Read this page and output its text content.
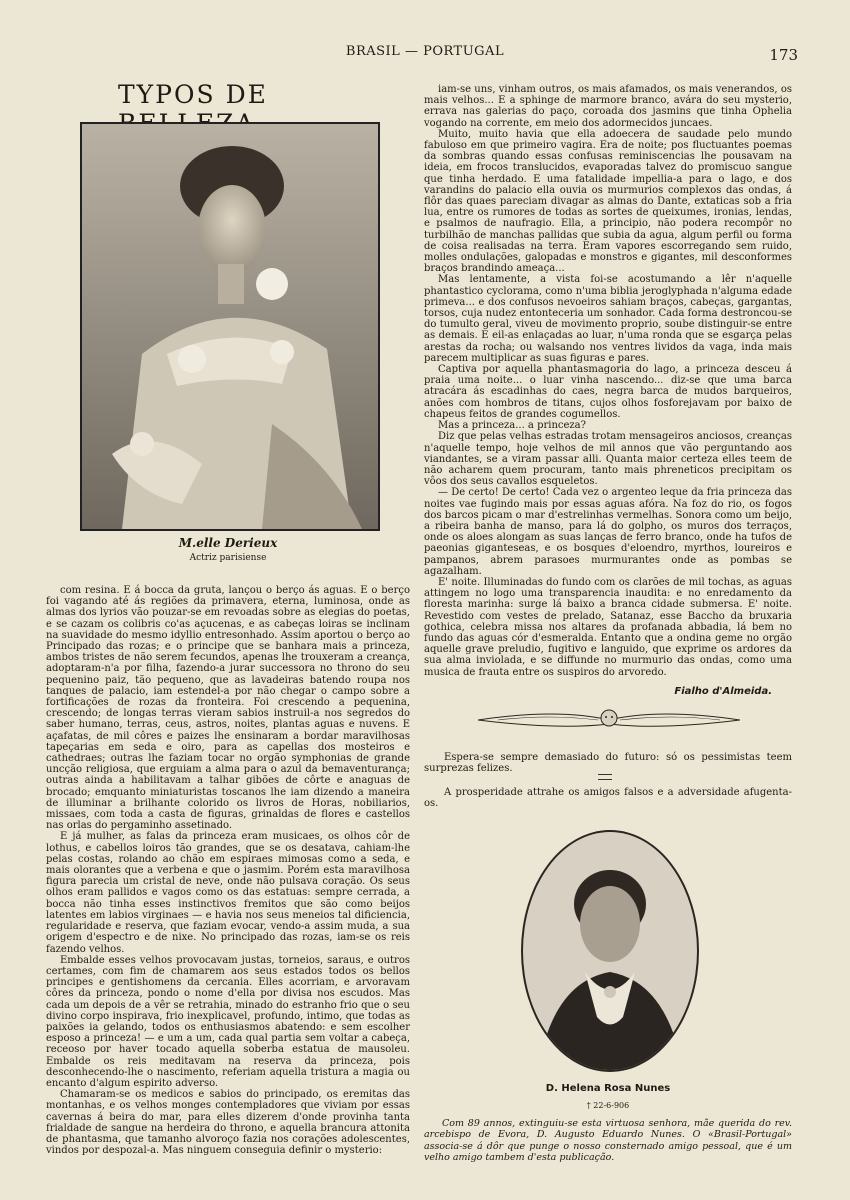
BRASIL — PORTUGAL	173
TYPOS DE
M.elle Derieux
Actriz parisiense

com resina. E á bocca da gruta, lançou o berço ás aguas. E o berço foi vagando até ás regiões da primavera, eterna, luminosa, onde as almas dos lyrios vão pouzar-se em revoadas sobre as elegias do poetas, e se cazam os colibris co'as açucenas, e as cabeças loiras se inclinam na suavidade do mesmo idyllio entresonhado. Assim aportou o berço ao Principado das rozas; e o principe que se banhara mais a princeza, ambos tristes de não serem fecundos, apenas lhe trouxeram a creança, adoptaram-n'a por filha, fazendo-a jurar successora no throno do seu pequenino paiz, tão pequeno, que as lavadeiras batendo roupa nos tanques de palacio, iam estendel-a por não chegar o campo sobre a fortificações de rozas da fronteira. Foi crescendo a pequenina, crescendo; de longas terras vieram sabios instruil-a nos segredos do saber humano, terras, ceus, astros, noites, plantas aguas e nuvens. E açafatas, de mil côres e paizes lhe ensinaram a bordar maravilhosas tapeçarias em seda e oiro, para as capellas dos mosteiros e cathedraes; outras lhe faziam tocar no orgão symphonias de grande uncção religiosa, que erguiam a alma para o azul da bemaventurança; outras ainda a habilitavam a talhar gibões de côrte e anaguas de brocado; emquanto miniaturistas toscanos lhe iam dizendo a maneira de illuminar a brilhante colorido os livros de Horas, nobiliarios, missaes, com toda a casta de figuras, grinaldas de flores e castellos nas orlas do pergaminho assetinado.

E já mulher, as falas da princeza eram musicaes, os olhos côr de lothus, e cabellos loiros tão grandes, que se os desatava, cahiam-lhe pelas costas, rolando ao chão em espiraes mimosas como a seda, e mais olorantes que a verbena e que o jasmim. Porém esta maravilhosa figura parecia um cristal de neve, onde não pulsava coração. Os seus olhos eram pallidos e vagos como os das estatuas: sempre cerrada, a bocca não tinha esses instinctivos fremitos que são como beijos latentes em labios virginaes — e havia nos seus meneios tal dificiencia, regularidade e reserva, que faziam evocar, vendo-a assim muda, a sua origem d'espectro e de nixe. No principado das rozas, iam-se os reis fazendo velhos.

Embalde esses velhos provocavam justas, torneios, saraus, e outros certames, com fim de chamarem aos seus estados todos os bellos principes e gentishomens da cercania. Elles acorriam, e arvoravam côres da princeza, pondo o nome d'ella por divisa nos escudos. Mas cada um depois de a vêr se retrahia, minado do estranho frio que o seu divino corpo inspirava, frio inexplicavel, profundo, intimo, que todas as paixões ia gelando, todos os enthusiasmos abatendo: e sem escolher esposo a princeza! — e um a um, cada qual partia sem voltar a cabeça, receoso por haver tocado aquella soberba estatua de mausoleu. Embalde os reis meditavam na reserva da princeza, pois desconhecendo-lhe o nascimento, referiam aquella tristura a magia ou encanto d'algum espirito adverso.

Chamaram-se os medicos e sabios do principado, os eremitas das montanhas, e os velhos monges contempladores que viviam por essas cavernas á beira do mar, para elles dizerem d'onde provinha tanta frialdade de sangue na herdeira do throno, e aquella brancura attonita de phantasma, que tamanho alvoroço fazia nos corações adolescentes, vindos por despozal-a. Mas ninguem conseguia definir o mysterio:

iam-se uns, vinham outros, os mais afamados, os mais venerandos, os mais velhos... E a sphinge de marmore branco, avára do seu mysterio, errava nas galerias do paço, coroada dos jasmins que tinha Ophelia vogando na corrente, em meio dos adormecidos juncaes.

Muito, muito havia que ella adoecera de saudade pelo mundo fabuloso em que primeiro vagira. Era de noite; pos fluctuantes poemas da sombras quando essas confusas reminiscencias lhe pousavam na ideia, em frocos translucidos, evaporadas talvez do promiscuo sangue que tinha herdado. E uma fatalidade impellia-a para o lago, e dos varandins do palacio ella ouvia os murmurios complexos das ondas, á flôr das quaes pareciam divagar as almas do Dante, extaticas sob a fria lua, entre os rumores de todas as sortes de queixumes, ironias, lendas, e psalmos de naufragio. Ella, a principio, não podera recompôr no turbilhão de manchas pallidas que subia da agua, algum perfil ou forma de coisa realisadas na terra. Eram vapores escorregando sem ruido, molles ondulações, galopadas e monstros e gigantes, mil desconformes braços brandindo ameaça...

Mas lentamente, a vista foi-se acostumando a lêr n'aquelle phantastico cyclorama, como n'uma biblia jeroglyphada n'alguma edade primeva... e dos confusos nevoeiros sahiam braços, cabeças, gargantas, torsos, cuja nudez entonteceria um sonhador. Cada forma destroncou-se do tumulto geral, viveu de movimento proprio, soube distinguir-se entre as demais. E eil-as enlaçadas ao luar, n'uma ronda que se esgarça pelas arestas da rocha; ou walsando nos ventres lividos da vaga, inda mais parecem multiplicar as suas figuras e pares.

Captiva por aquella phantasmagoria do lago, a princeza desceu á praia uma noite... o luar vinha nascendo... diz-se que uma barca atracára ás escadinhas do caes, negra barca de mudos barqueiros, anões com hombros de titans, cujos olhos fosforejavam por baixo de chapeus feitos de grandes cogumellos.

Mas a princeza... a princeza?

Diz que pelas velhas estradas trotam mensageiros anciosos, creanças n'aquelle tempo, hoje velhos de mil annos que vão perguntando aos viandantes, se a viram passar alli. Quanta maior certeza elles teem de não acharem quem procuram, tanto mais phreneticos precipitam os vôos dos seus cavallos esqueletos.

— De certo! De certo! Cada vez o argenteo leque da fria princeza das noites vae fugindo mais por essas aguas afóra. Na foz do rio, os fogos dos barcos picam o mar d'estrelinhas vermelhas. Sonora como um beijo, a ribeira banha de manso, para lá do golpho, os muros dos terraços, onde os aloes alongam as suas lanças de ferro branco, onde ha tufos de paeonias giganteseas, e os bosques d'eloendro, myrthos, loureiros e pampanos, abrem parasoes murmurantes onde as pombas se agazalham.

E' noite. Illuminadas do fundo com os clarões de mil tochas, as aguas attingem no logo uma transparencia inaudita: e no enredamento da floresta marinha: surge lá baixo a branca cidade submersa. E' noite. Revestido com vestes de prelado, Satanaz, esse Baccho da bruxaria gothica, celebra missa nos altares da profanada abbadia, lá bem no fundo das aguas cór d'esmeralda. Entanto que a ondina geme no orgão aquelle grave preludio, fugitivo e languido, que exprime os ardores da sua alma inviolada, e se diffunde no murmurio das ondas, como uma musica de frauta entre os suspiros do arvoredo.

Fialho d'Almeida.

Espera-se sempre demasiado do futuro: só os pessimistas teem surprezas felizes.

A prosperidade attrahe os amigos falsos e a adversidade afugenta-os.

D. Helena Rosa Nunes
† 22-6-906
Com 89 annos, extinguiu-se esta virtuosa senhora, mãe querida do rev. arcebispo de Evora, D. Augusto Eduardo Nunes. O «Brasil-Portugal» associa-se á dôr que punge o nosso consternado amigo pessoal, que é um velho amigo tambem d'esta publicação.
